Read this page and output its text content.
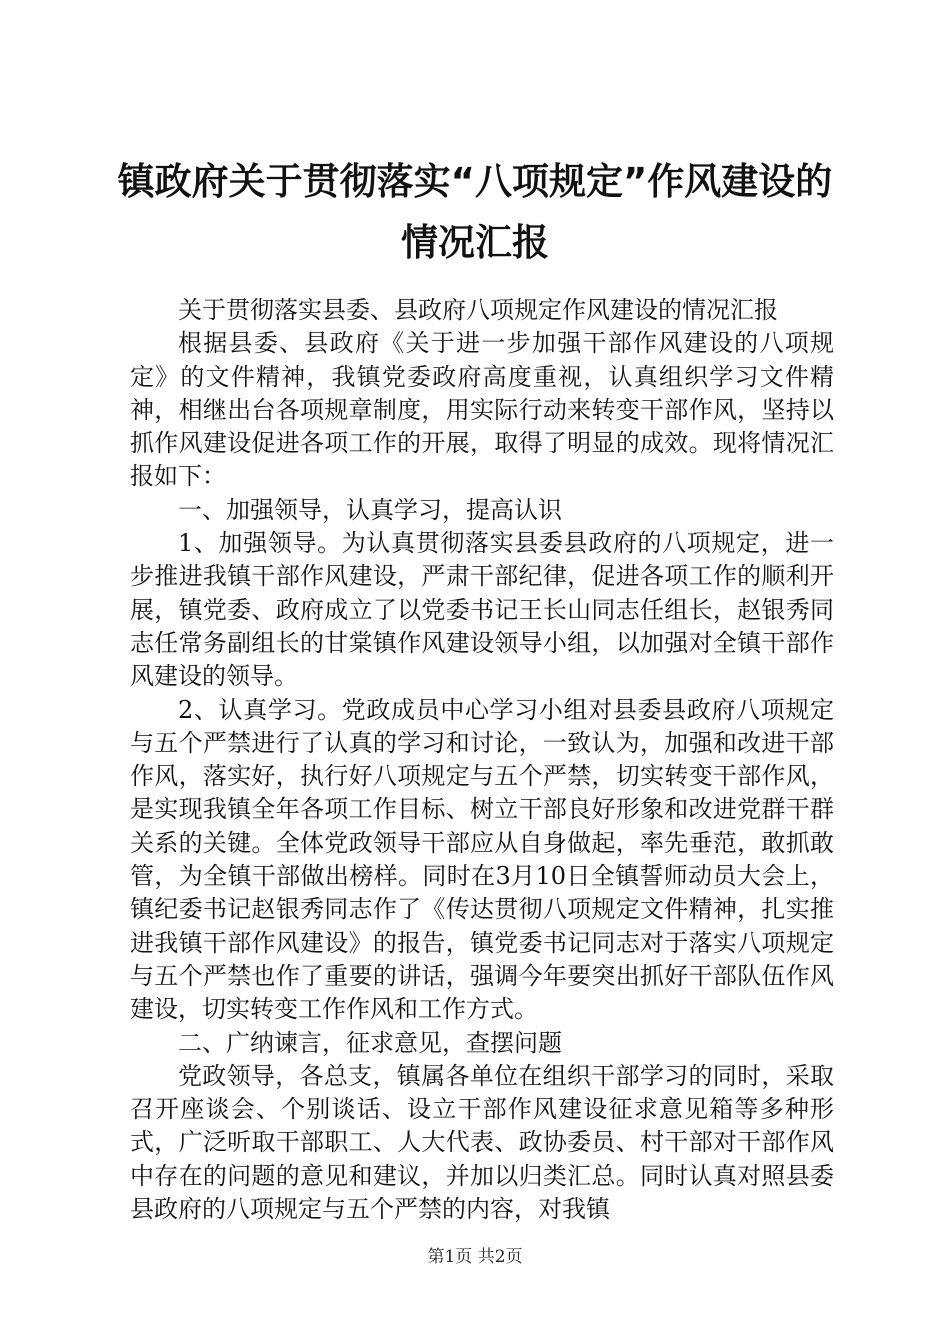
镇政府关于贯彻落实“八项规定”作风建设的
情况汇报

关于贯彻落实县委、县政府八项规定作风建设的情况汇报

根据县委、县政府《关于进一步加强干部作风建设的八项规定》的文件精神，我镇党委政府高度重视，认真组织学习文件精神，相继出台各项规章制度，用实际行动来转变干部作风，坚持以抓作风建设促进各项工作的开展，取得了明显的成效。现将情况汇报如下：

一、加强领导，认真学习，提高认识

1、加强领导。为认真贯彻落实县委县政府的八项规定，进一步推进我镇干部作风建设，严肃干部纪律，促进各项工作的顺利开展，镇党委、政府成立了以党委书记王长山同志任组长，赵银秀同志任常务副组长的甘棠镇作风建设领导小组，以加强对全镇干部作风建设的领导。

2、认真学习。党政成员中心学习小组对县委县政府八项规定与五个严禁进行了认真的学习和讨论，一致认为，加强和改进干部作风，落实好，执行好八项规定与五个严禁，切实转变干部作风，是实现我镇全年各项工作目标、树立干部良好形象和改进党群干群关系的关键。全体党政领导干部应从自身做起，率先垂范，敢抓敢管，为全镇干部做出榜样。同时在3月10日全镇誓师动员大会上，镇纪委书记赵银秀同志作了《传达贯彻八项规定文件精神，扎实推进我镇干部作风建设》的报告，镇党委书记同志对于落实八项规定与五个严禁也作了重要的讲话，强调今年要突出抓好干部队伍作风建设，切实转变工作作风和工作方式。

二、广纳谏言，征求意见，查摆问题

党政领导，各总支，镇属各单位在组织干部学习的同时，采取召开座谈会、个别谈话、设立干部作风建设征求意见箱等多种形式，广泛听取干部职工、人大代表、政协委员、村干部对干部作风中存在的问题的意见和建议，并加以归类汇总。同时认真对照县委县政府的八项规定与五个严禁的内容，对我镇

第1页 共2页
